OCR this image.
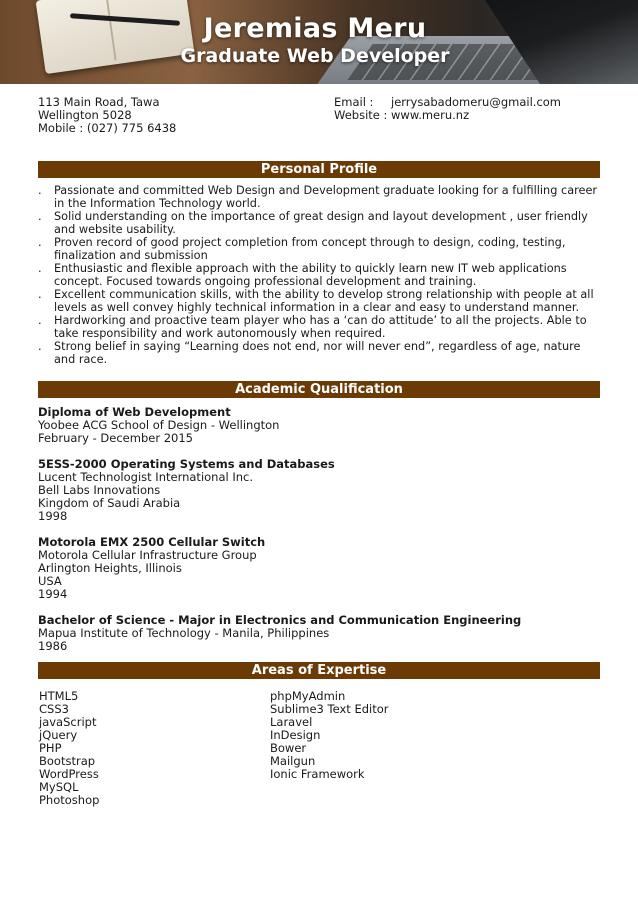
Jeremias Meru
Graduate Web Developer
113 Main Road, Tawa
Wellington 5028
Mobile : (027) 775 6438
Email : jerrysabadomeru@gmail.com
Website : www.meru.nz
Personal Profile
. Passionate and committed Web Design and Development graduate looking for a fulfilling career in the Information Technology world.
. Solid understanding on the importance of great design and layout development , user friendly and website usability.
. Proven record of good project completion from concept through to design, coding, testing, finalization and submission
. Enthusiastic and flexible approach with the ability to quickly learn new IT web applications concept. Focused towards ongoing professional development and training.
. Excellent communication skills, with the ability to develop strong relationship with people at all levels as well convey highly technical information in a clear and easy to understand manner.
. Hardworking and proactive team player who has a ‘can do attitude’ to all the projects. Able to take responsibility and work autonomously when required.
. Strong belief in saying “Learning does not end, nor will never end”, regardless of age, nature and race.
Academic Qualification
Diploma of Web Development
Yoobee ACG School of Design - Wellington
February - December 2015
5ESS-2000 Operating Systems and Databases
Lucent Technologist International Inc.
Bell Labs Innovations
Kingdom of Saudi Arabia
1998
Motorola EMX 2500 Cellular Switch
Motorola Cellular Infrastructure Group
Arlington Heights, Illinois
USA
1994
Bachelor of Science - Major in Electronics and Communication Engineering
Mapua Institute of Technology - Manila, Philippines
1986
Areas of Expertise
HTML5
CSS3
javaScript
jQuery
PHP
Bootstrap
WordPress
MySQL
Photoshop
phpMyAdmin
Sublime3 Text Editor
Laravel
InDesign
Bower
Mailgun
Ionic Framework
